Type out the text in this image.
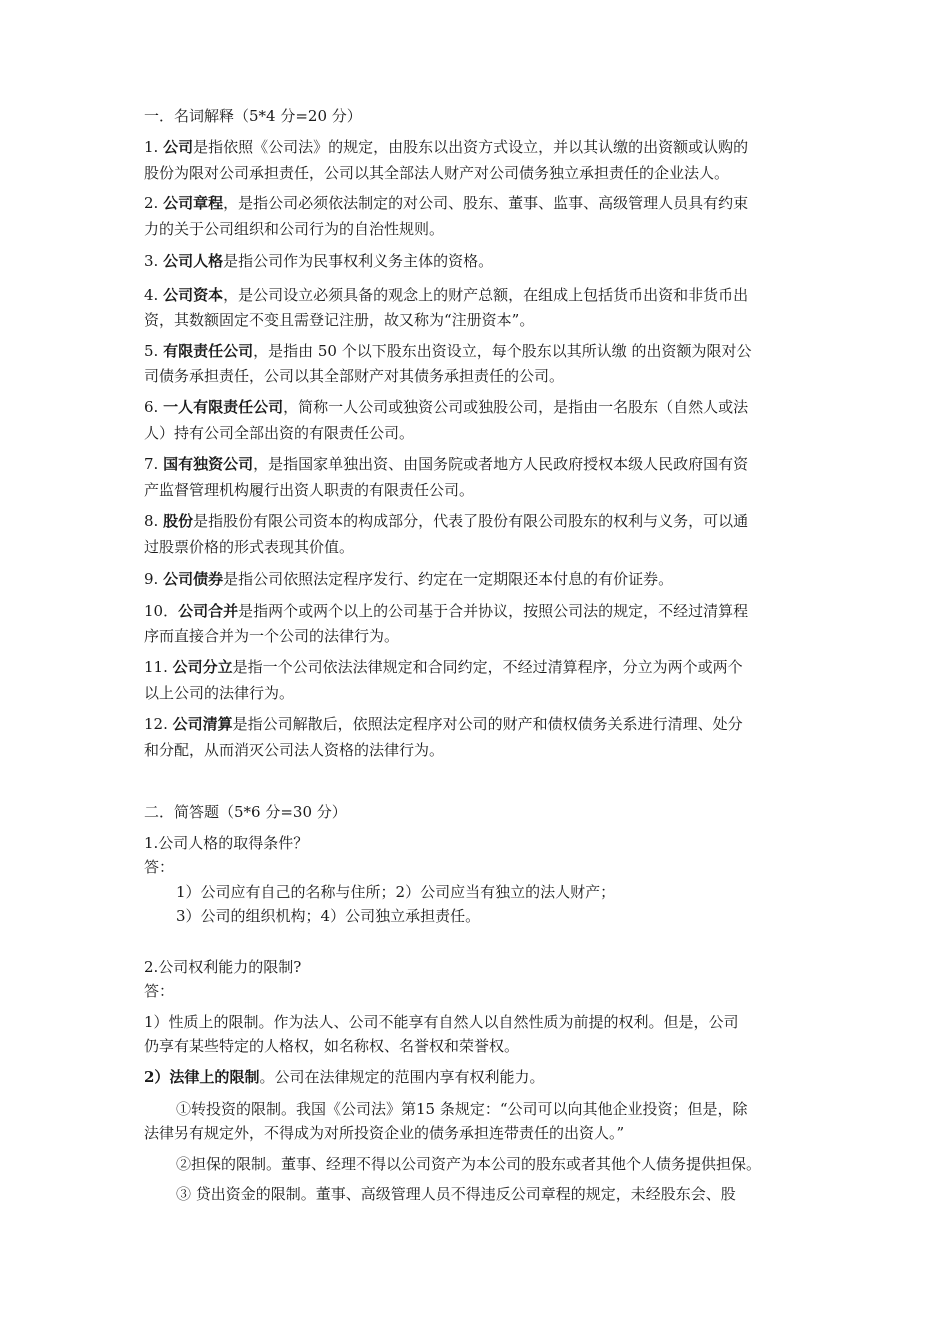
一．名词解释（5*4 分=20 分）
1. 公司是指依照《公司法》的规定，由股东以出资方式设立，并以其认缴的出资额或认购的
股份为限对公司承担责任，公司以其全部法人财产对公司债务独立承担责任的企业法人。
2. 公司章程，是指公司必须依法制定的对公司、股东、董事、监事、高级管理人员具有约束
力的关于公司组织和公司行为的自治性规则。
3. 公司人格是指公司作为民事权利义务主体的资格。
4. 公司资本，是公司设立必须具备的观念上的财产总额，在组成上包括货币出资和非货币出
资，其数额固定不变且需登记注册，故又称为“注册资本”。
5. 有限责任公司，是指由 50 个以下股东出资设立，每个股东以其所认缴 的出资额为限对公
司债务承担责任，公司以其全部财产对其债务承担责任的公司。
6. 一人有限责任公司，简称一人公司或独资公司或独股公司，是指由一名股东（自然人或法
人）持有公司全部出资的有限责任公司。
7. 国有独资公司，是指国家单独出资、由国务院或者地方人民政府授权本级人民政府国有资
产监督管理机构履行出资人职责的有限责任公司。
8. 股份是指股份有限公司资本的构成部分，代表了股份有限公司股东的权利与义务，可以通
过股票价格的形式表现其价值。
9. 公司债券是指公司依照法定程序发行、约定在一定期限还本付息的有价证券。
10．公司合并是指两个或两个以上的公司基于合并协议，按照公司法的规定，不经过清算程
序而直接合并为一个公司的法律行为。
11. 公司分立是指一个公司依法法律规定和合同约定，不经过清算程序，分立为两个或两个
以上公司的法律行为。
12. 公司清算是指公司解散后，依照法定程序对公司的财产和债权债务关系进行清理、处分
和分配，从而消灭公司法人资格的法律行为。
二．简答题（5*6 分=30 分）
1.公司人格的取得条件？
答：
1）公司应有自己的名称与住所；2）公司应当有独立的法人财产；
3）公司的组织机构；4）公司独立承担责任。
2.公司权利能力的限制?
答：
1）性质上的限制。作为法人、公司不能享有自然人以自然性质为前提的权利。但是，公司
仍享有某些特定的人格权，如名称权、名誉权和荣誉权。
2）法律上的限制。公司在法律规定的范围内享有权利能力。
①转投资的限制。我国《公司法》第15 条规定：“公司可以向其他企业投资；但是，除
法律另有规定外，不得成为对所投资企业的债务承担连带责任的出资人。”
②担保的限制。董事、经理不得以公司资产为本公司的股东或者其他个人债务提供担保。
③ 贷出资金的限制。董事、高级管理人员不得违反公司章程的规定，未经股东会、股
